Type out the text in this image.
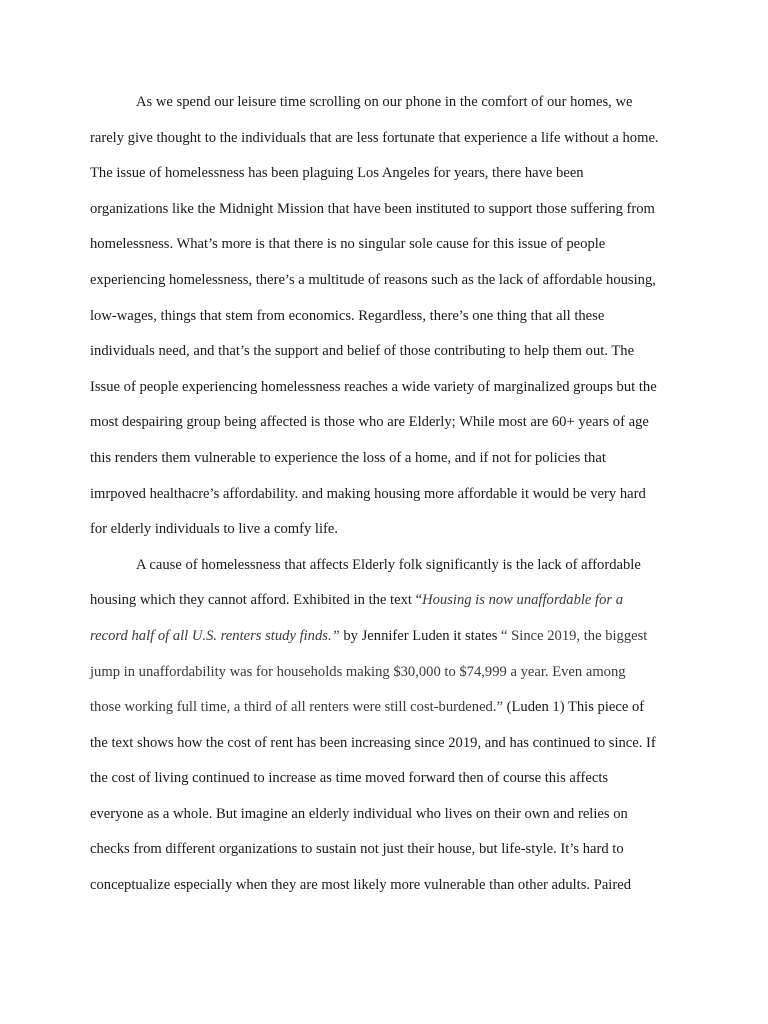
As we spend our leisure time scrolling on our phone in the comfort of our homes, we
rarely give thought to the individuals that are less fortunate that experience a life without a home.
The issue of homelessness has been plaguing Los Angeles for years, there have been
organizations like the Midnight Mission that have been instituted to support those suffering from
homelessness. What’s more is that there is no singular sole cause for this issue of people
experiencing homelessness, there’s a multitude of reasons such as the lack of affordable housing,
low-wages, things that stem from economics. Regardless, there’s one thing that all these
individuals need, and that’s the support and belief of those contributing to help them out. The
Issue of people experiencing homelessness reaches a wide variety of marginalized groups but the
most despairing group being affected is those who are Elderly; While most are 60+ years of age
this renders them vulnerable to experience the loss of a home, and if not for policies that
imrpoved healthacre’s affordability. and making housing more affordable it would be very hard
for elderly individuals to live a comfy life.
A cause of homelessness that affects Elderly folk significantly is the lack of affordable
housing which they cannot afford. Exhibited in the text “Housing is now unaffordable for a
record half of all U.S. renters study finds.” by Jennifer Luden it states “ Since 2019, the biggest
jump in unaffordability was for households making $30,000 to $74,999 a year. Even among
those working full time, a third of all renters were still cost-burdened.” (Luden 1) This piece of
the text shows how the cost of rent has been increasing since 2019, and has continued to since. If
the cost of living continued to increase as time moved forward then of course this affects
everyone as a whole. But imagine an elderly individual who lives on their own and relies on
checks from different organizations to sustain not just their house, but life-style. It’s hard to
conceptualize especially when they are most likely more vulnerable than other adults. Paired
